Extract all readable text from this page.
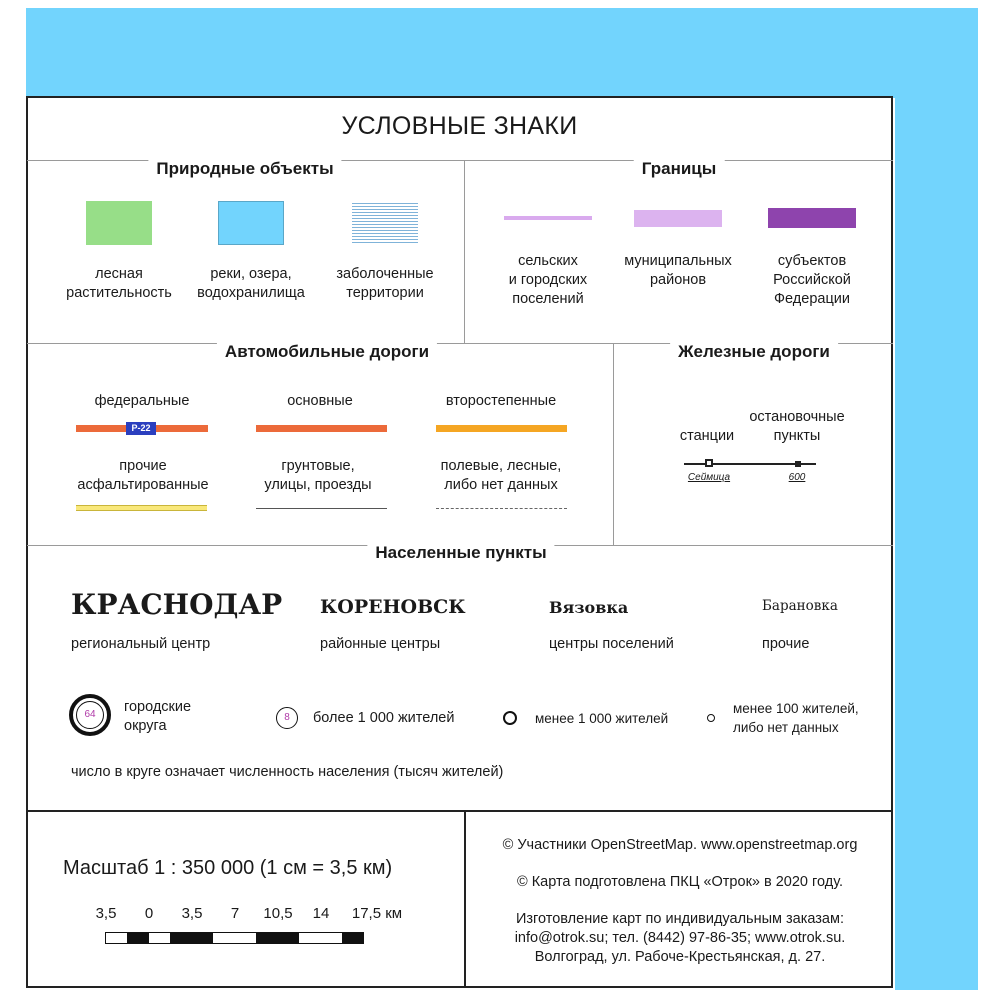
УСЛОВНЫЕ ЗНАКИ
Природные объекты	Границы
Автомобильные дороги	Железные дороги
Населенные пункты
лесная
растительность
реки, озера,
водохранилища
заболоченные
территории
сельских
и городских
поселений
муниципальных
районов
субъектов
Российской
Федерации
федеральные	основные	второстепенные
Р-22
прочие
асфальтированные
грунтовые,
улицы, проезды
полевые, лесные,
либо нет данных
остановочные
пункты
станции
Сеймица	600
КРАСНОДАР КОРЕНОВСК	Вязовка	Барановка
региональный центр	районные центры	центры поселений	прочие
64	городские
округа
8	более 1 000 жителей	менее 1 000 жителей
менее 100 жителей,
либо нет данных
число в круге означает численность населения (тысяч жителей)
Масштаб 1 : 350 000 (1 см = 3,5 км)
3,5 0 3,5 7 10,5 14 17,5 км
© Участники OpenStreetMap. www.openstreetmap.org
© Карта подготовлена ПКЦ «Отрок» в 2020 году.
Изготовление карт по индивидуальным заказам:
info@otrok.su; тел. (8442) 97-86-35; www.otrok.su.
Волгоград, ул. Рабоче-Крестьянская, д. 27.
